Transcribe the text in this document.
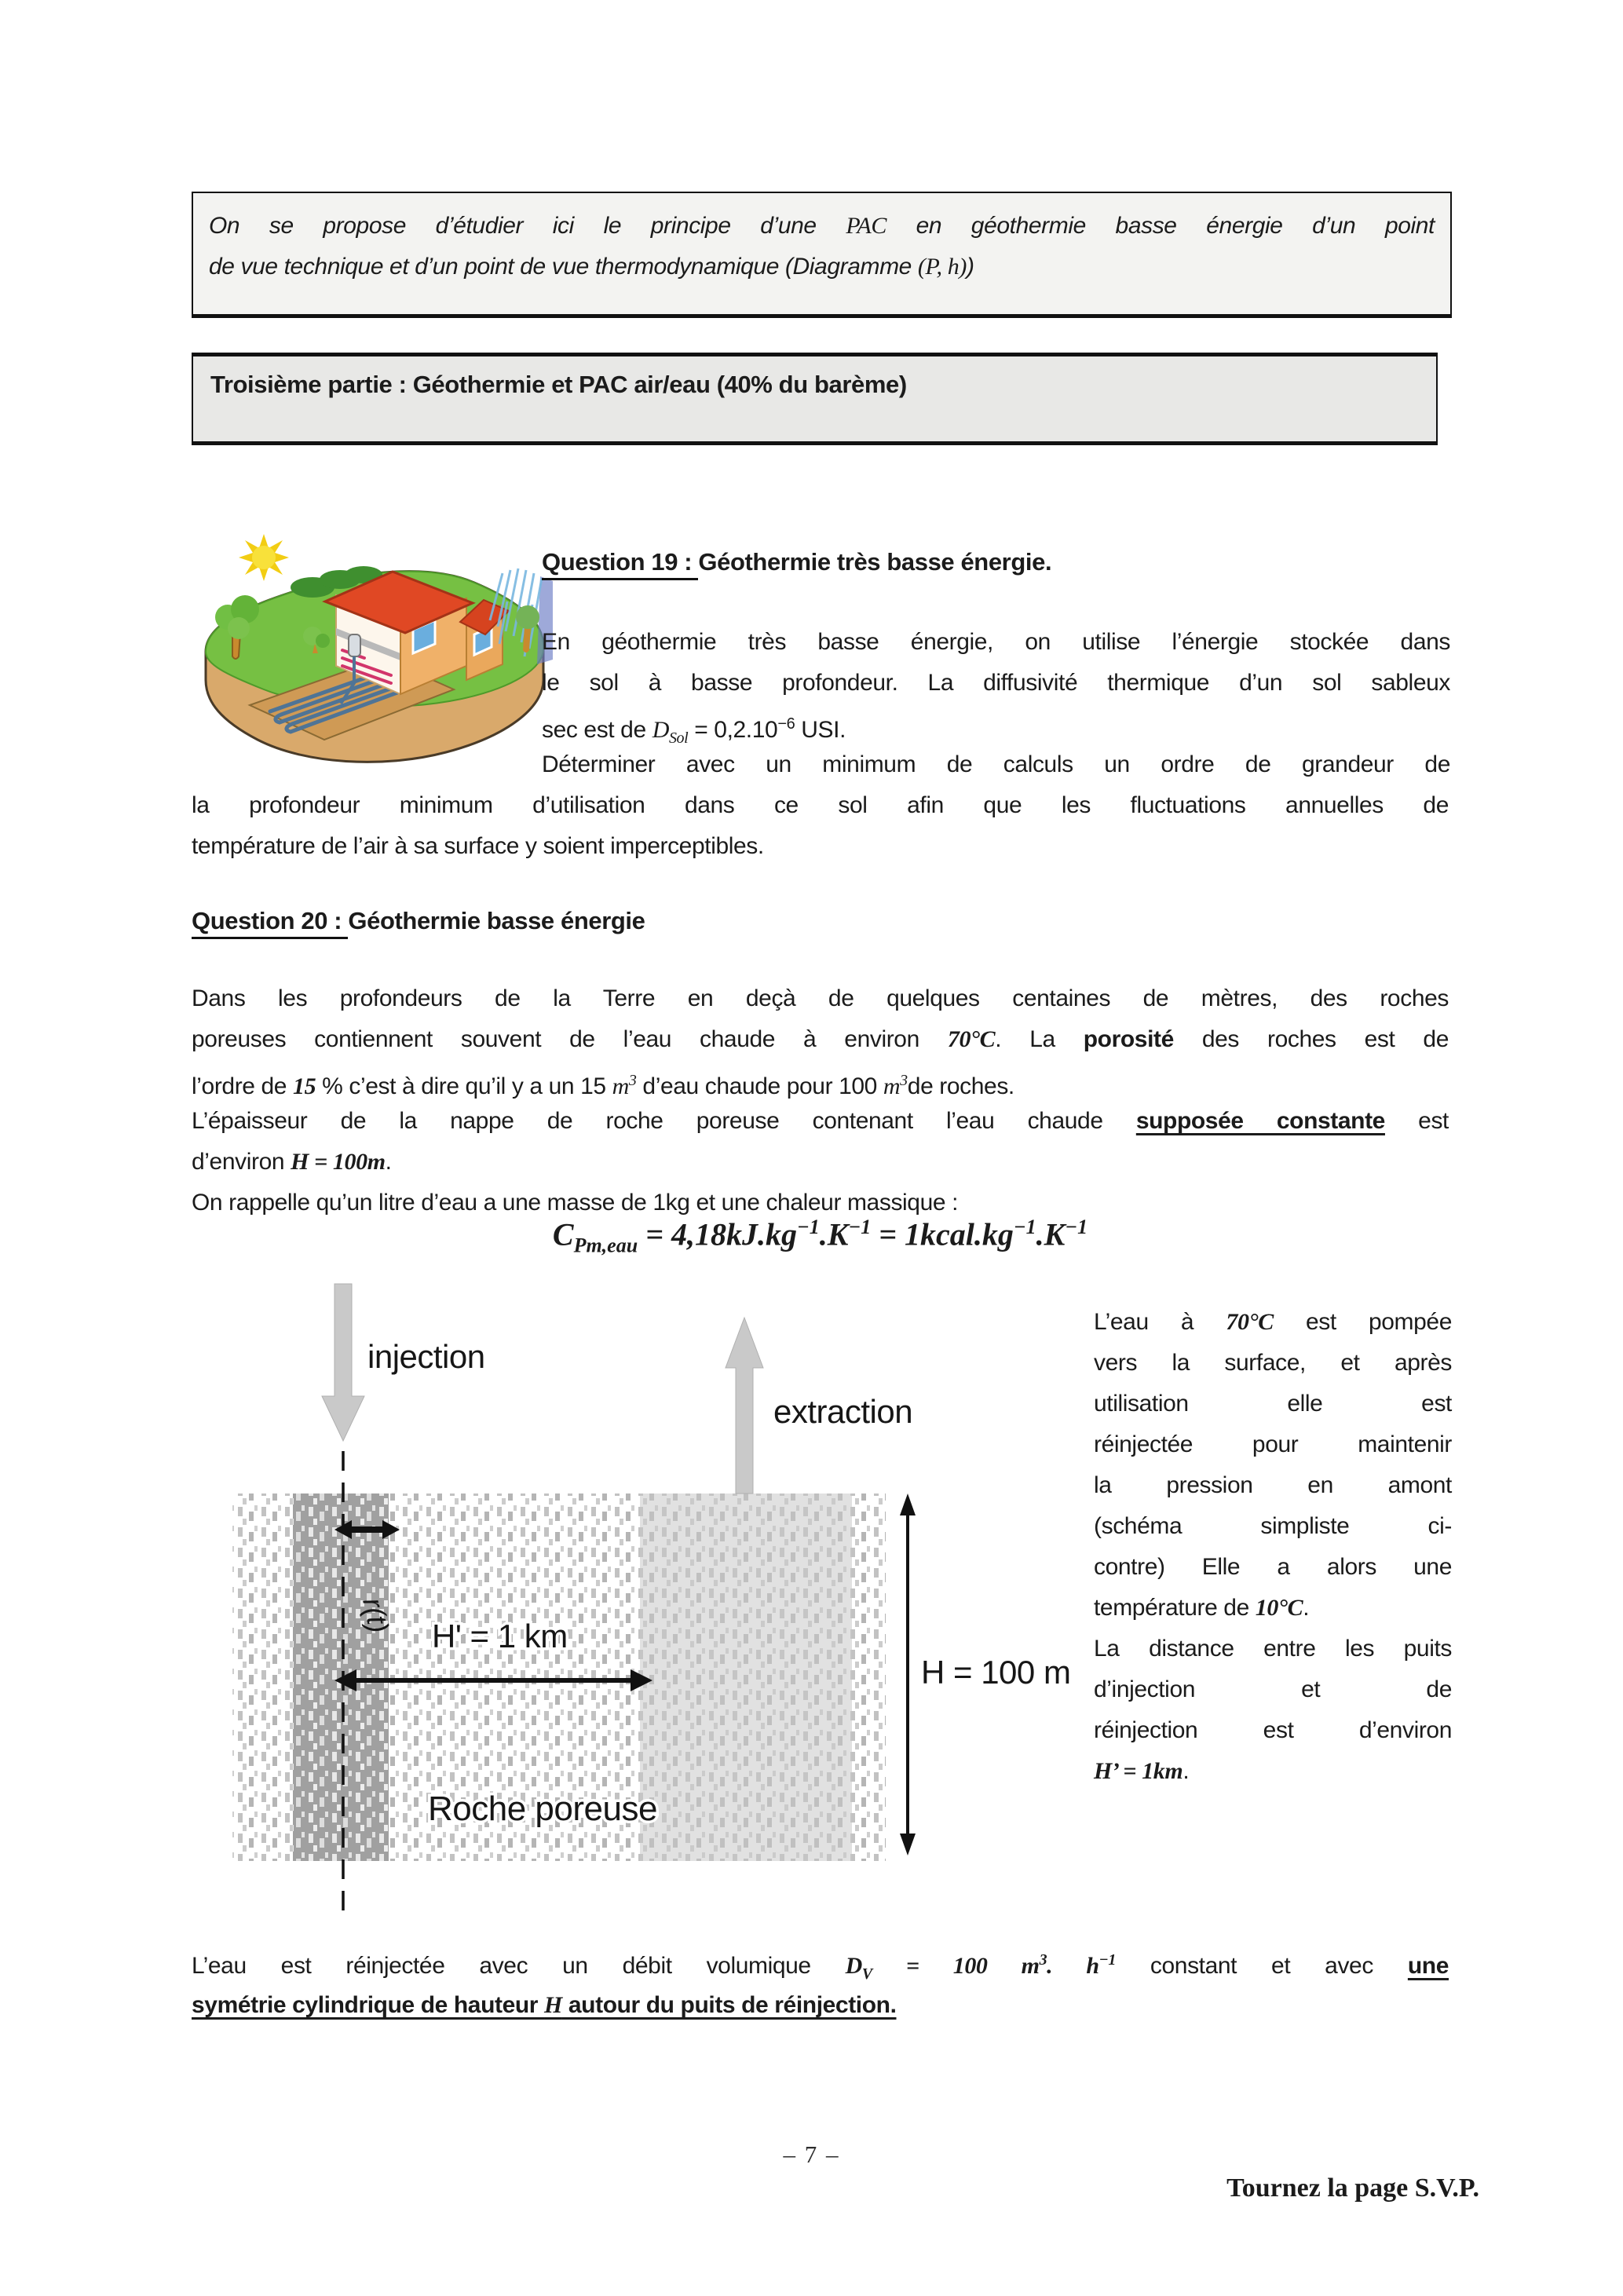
On se propose d’étudier ici le principe d’une PAC en géothermie basse énergie d’un point
de vue technique et d’un point de vue thermodynamique (Diagramme (P, h))
Troisième partie : Géothermie et PAC air/eau (40% du barème)
Question 19 : Géothermie très basse énergie.
En géothermie très basse énergie, on utilise l’énergie stockée dans
le sol à basse profondeur. La diffusivité thermique d’un sol sableux
sec est de $D_{Sol} = 0,2.10^{-6}$ USI.
Déterminer avec un minimum de calculs un ordre de grandeur de
la profondeur minimum d’utilisation dans ce sol afin que les fluctuations annuelles de
température de l’air à sa surface y soient imperceptibles.
Question 20 : Géothermie basse énergie
Dans les profondeurs de la Terre en deçà de quelques centaines de mètres, des roches
poreuses contiennent souvent de l’eau chaude à environ 70°C. La porosité des roches est de
l’ordre de 15 % c’est à dire qu’il y a un 15 $m^3$ d’eau chaude pour 100 $m^3de$ roches.
L’épaisseur de la nappe de roche poreuse contenant l’eau chaude supposée constante est
d’environ H = 100m.
On rappelle qu’un litre d’eau a une masse de 1kg et une chaleur massique :
$C_{Pm,eau} = 4,18kJ.kg^{-1}.K^{-1}$ = $1kcal.kg^{-1}.K^{-1}$
injection
extraction
r(t)
H' = 1 km
Roche poreuse
H = 100 m
L’eau à 70°C est pompée
vers la surface, et après
utilisation elle est
réinjectée pour maintenir
la pression en amont
(schéma simpliste ci-
contre) Elle a alors une
température de 10°C.
La distance entre les puits
d’injection et de
réinjection est d’environ
H’ = 1km.
L’eau est réinjectée avec un débit volumique $D_V = 100$ $m^3$. $h^{-1}$ constant et avec une
symétrie cylindrique de hauteur H autour du puits de réinjection.
– 7 –
Tournez la page S.V.P.
